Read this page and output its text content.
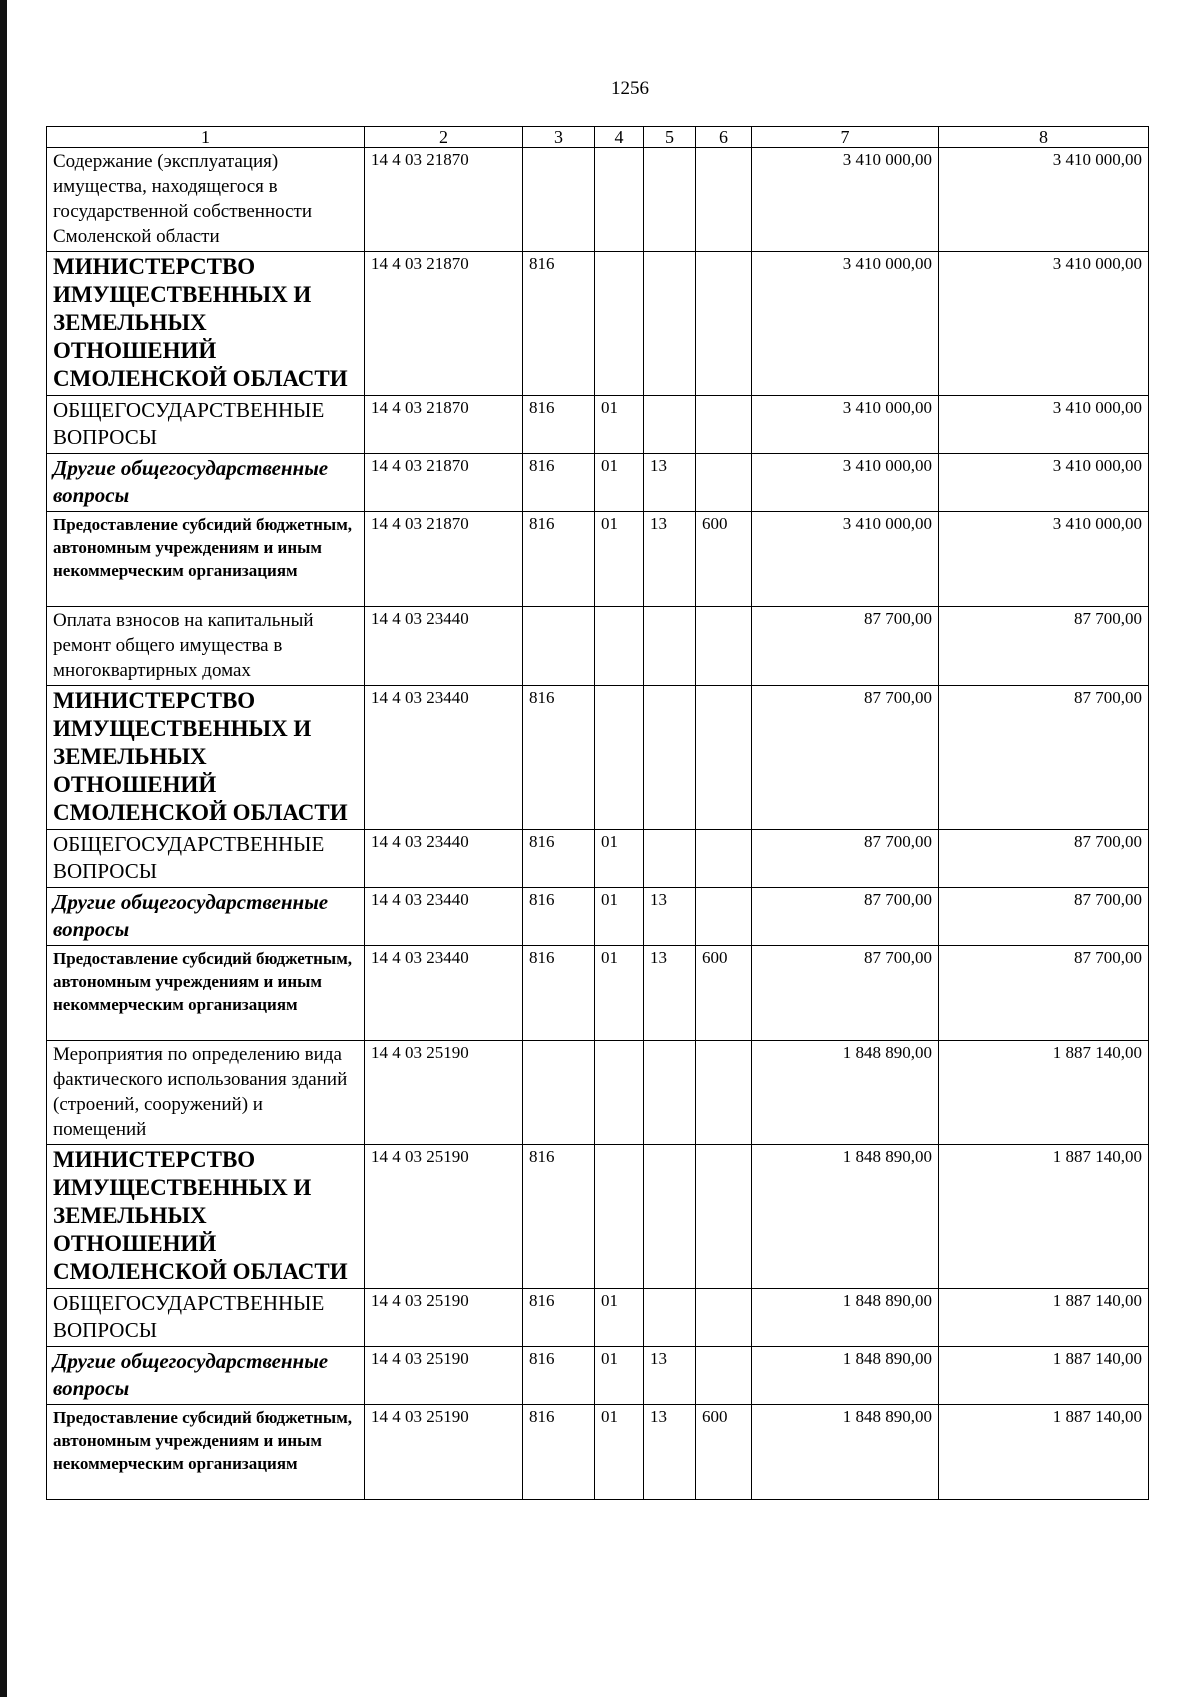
1256
1	2	3	4	5	6	7	8
Содержание (эксплуатация) имущества, находящегося в государственной собственности Смоленской области	14 4 03 21870					3 410 000,00	3 410 000,00
МИНИСТЕРСТВО ИМУЩЕСТВЕННЫХ И ЗЕМЕЛЬНЫХ ОТНОШЕНИЙ СМОЛЕНСКОЙ ОБЛАСТИ	14 4 03 21870	816				3 410 000,00	3 410 000,00
ОБЩЕГОСУДАРСТВЕННЫЕ ВОПРОСЫ	14 4 03 21870	816	01			3 410 000,00	3 410 000,00
Другие общегосударственные вопросы	14 4 03 21870	816	01	13		3 410 000,00	3 410 000,00
Предоставление субсидий бюджетным, автономным учреждениям и иным некоммерческим организациям	14 4 03 21870	816	01	13	600	3 410 000,00	3 410 000,00
Оплата взносов на капитальный ремонт общего имущества в многоквартирных домах	14 4 03 23440					87 700,00	87 700,00
МИНИСТЕРСТВО ИМУЩЕСТВЕННЫХ И ЗЕМЕЛЬНЫХ ОТНОШЕНИЙ СМОЛЕНСКОЙ ОБЛАСТИ	14 4 03 23440	816				87 700,00	87 700,00
ОБЩЕГОСУДАРСТВЕННЫЕ ВОПРОСЫ	14 4 03 23440	816	01			87 700,00	87 700,00
Другие общегосударственные вопросы	14 4 03 23440	816	01	13		87 700,00	87 700,00
Предоставление субсидий бюджетным, автономным учреждениям и иным некоммерческим организациям	14 4 03 23440	816	01	13	600	87 700,00	87 700,00
Мероприятия по определению вида фактического использования зданий (строений, сооружений) и помещений	14 4 03 25190					1 848 890,00	1 887 140,00
МИНИСТЕРСТВО ИМУЩЕСТВЕННЫХ И ЗЕМЕЛЬНЫХ ОТНОШЕНИЙ СМОЛЕНСКОЙ ОБЛАСТИ	14 4 03 25190	816				1 848 890,00	1 887 140,00
ОБЩЕГОСУДАРСТВЕННЫЕ ВОПРОСЫ	14 4 03 25190	816	01			1 848 890,00	1 887 140,00
Другие общегосударственные вопросы	14 4 03 25190	816	01	13		1 848 890,00	1 887 140,00
Предоставление субсидий бюджетным, автономным учреждениям и иным некоммерческим организациям	14 4 03 25190	816	01	13	600	1 848 890,00	1 887 140,00
